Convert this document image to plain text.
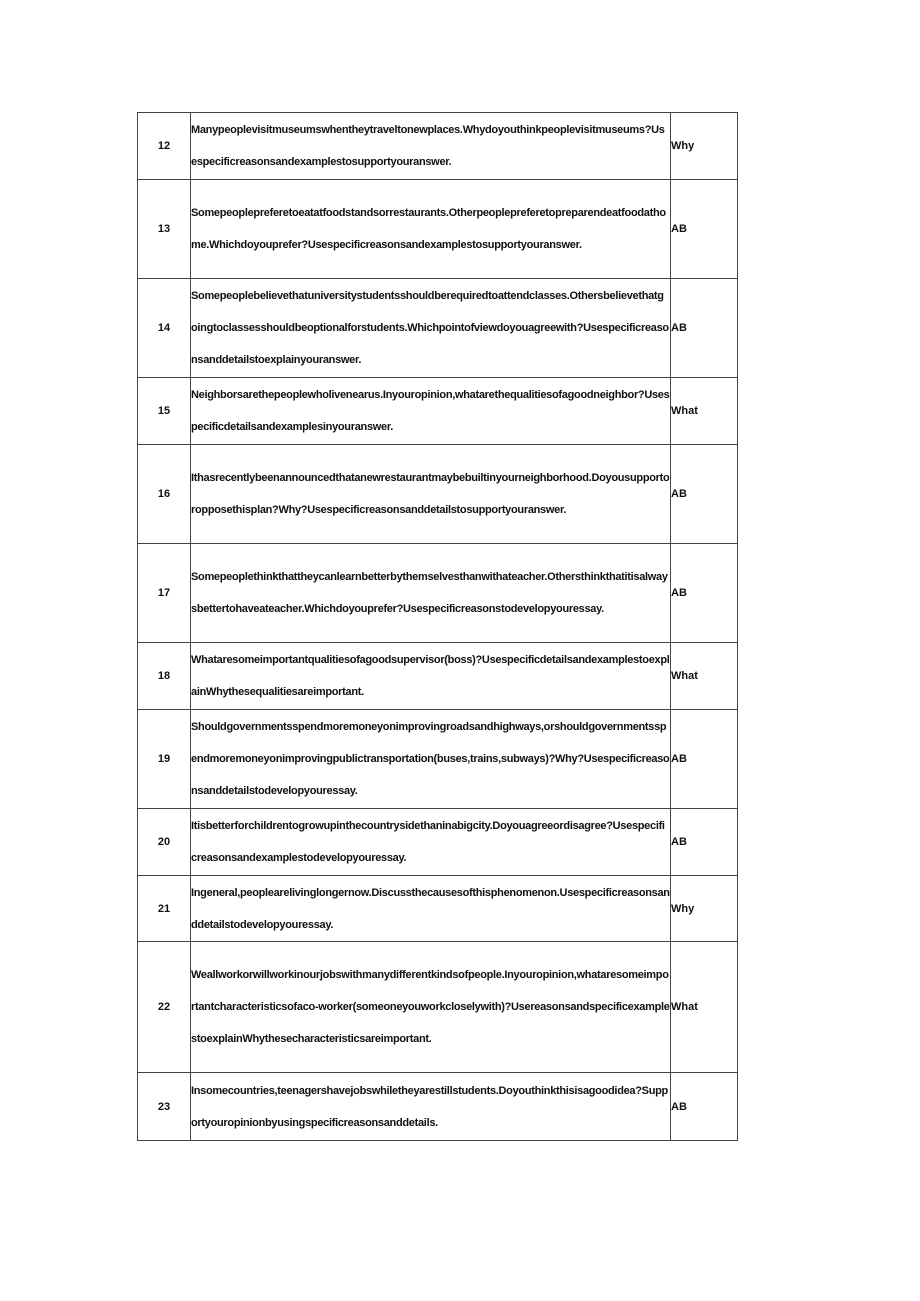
12	Manypeoplevisitmuseumswhentheytraveltonewplaces.Whydoyouthinkpeoplevisitmuseums?Usespecificreasonsandexamplestosupportyouranswer.	Why
13	Somepeoplepreferetoeatatfoodstandsorrestaurants.Otherpeoplepreferetopreparendeatfoodathome.Whichdoyouprefer?Usespecificreasonsandexamplestosupportyouranswer.	AB
14	Somepeoplebelievethatuniversitystudentsshouldberequiredtoattendclasses.Othersbelievethatgoingtoclassesshouldbeoptionalforstudents.Whichpointofviewdoyouagreewith?Usespecificreasonsanddetailstoexplainyouranswer.	AB
15	Neighborsarethepeoplewholivenearus.Inyouropinion,whatarethequalitiesofagoodneighbor?Usespecificdetailsandexamplesinyouranswer.	What
16	Ithasrecentlybeenannouncedthatanewrestaurantmaybebuiltinyourneighborhood.Doyousupportoropposethisplan?Why?Usespecificreasonsanddetailstosupportyouranswer.	AB
17	Somepeoplethinkthattheycanlearnbetterbythemselvesthanwithateacher.Othersthinkthatitisalwaysbettertohaveateacher.Whichdoyouprefer?Usespecificreasonstodevelopyouressay.	AB
18	Whataresomeimportantqualitiesofagoodsupervisor(boss)?UsespecificdetailsandexamplestoexplainWhythesequalitiesareimportant.	What
19	Shouldgovernmentsspendmoremoneyonimprovingroadsandhighways,orshouldgovernmentsspendmoremoneyonimprovingpublictransportation(buses,trains,subways)?Why?Usespecificreasonsanddetailstodevelopyouressay.	AB
20	Itisbetterforchildrentogrowupinthecountrysidethaninabigcity.Doyouagreeordisagree?Usespecificreasonsandexamplestodevelopyouressay.	AB
21	Ingeneral,peoplearelivinglongernow.Discussthecausesofthisphenomenon.Usespecificreasonsanddetailstodevelopyouressay.	Why
22	Weallworkorwillworkinourjobswithmanydifferentkindsofpeople.Inyouropinion,whataresomeimportantcharacteristicsofaco-worker(someoneyouworkcloselywith)?UsereasonsandspecificexamplestoexplainWhythesecharacteristicsareimportant.	What
23	Insomecountries,teenagershavejobswhiletheyarestillstudents.Doyouthinkthisisagoodidea?Supportyouropinionbyusingspecificreasonsanddetails.	AB
